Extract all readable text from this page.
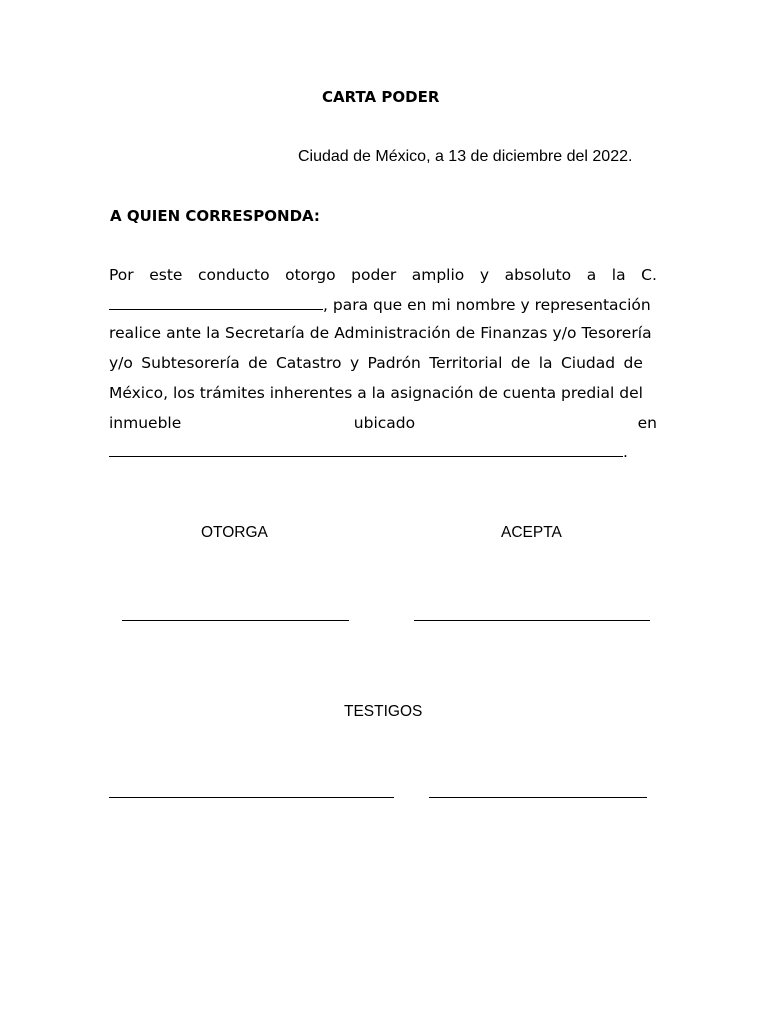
CARTA PODER
Ciudad de México, a 13 de diciembre del 2022.
A QUIEN CORRESPONDA:
Por este conducto otorgo poder amplio y absoluto a la C.
, para que en mi nombre y representación
realice ante la Secretaría de Administración de Finanzas y/o Tesorería
y/o Subtesorería de Catastro y Padrón Territorial de la Ciudad de
México, los trámites inherentes a la asignación de cuenta predial del
inmueble	ubicado	en
.
OTORGA	ACEPTA
TESTIGOS
